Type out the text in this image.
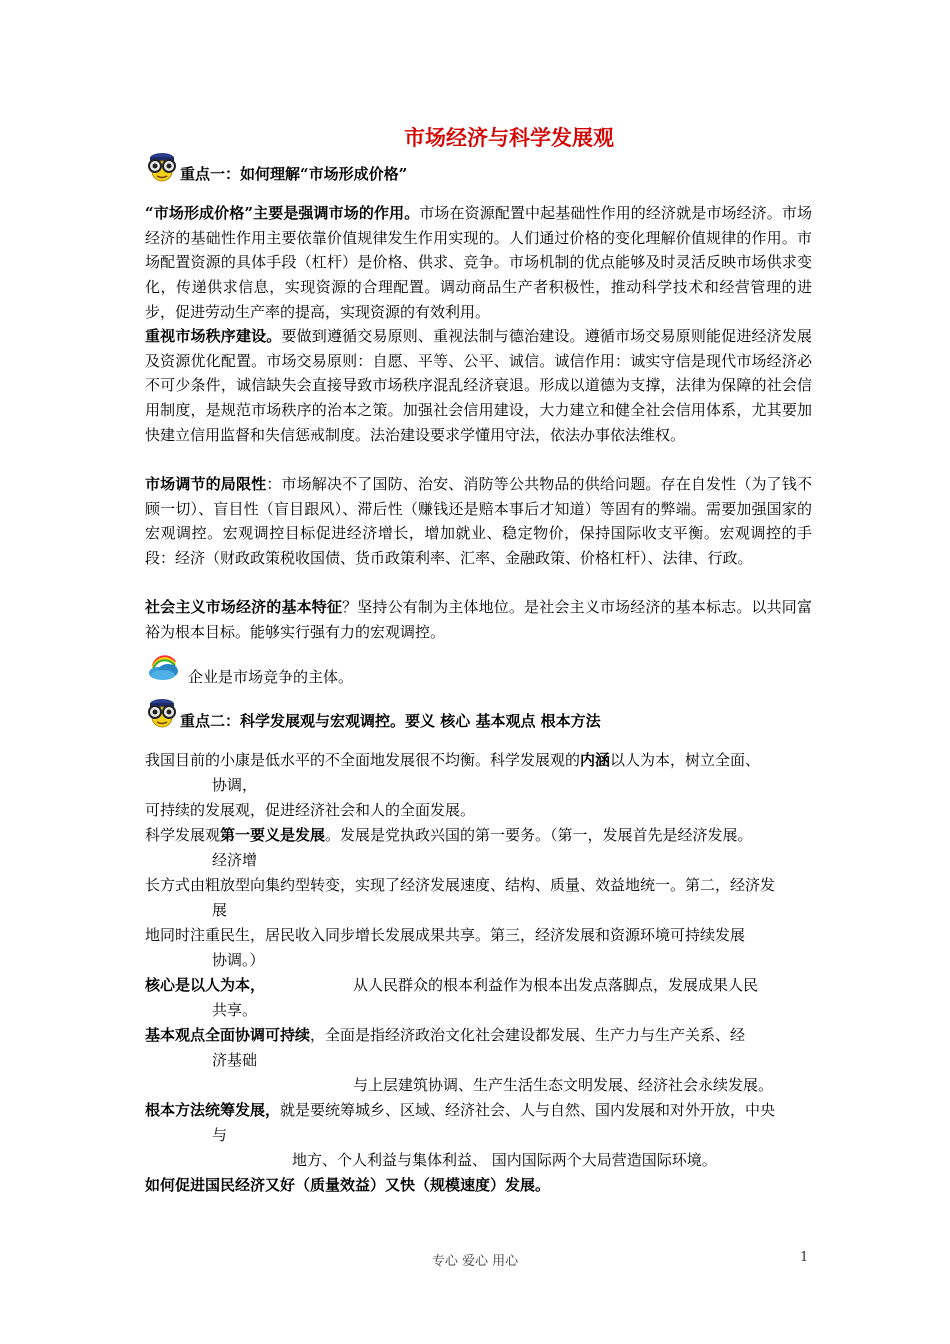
市场经济与科学发展观
重点一：如何理解“市场形成价格”
“市场形成价格”主要是强调市场的作用。市场在资源配置中起基础性作用的经济就是市场经济。市场经济的基础性作用主要依靠价值规律发生作用实现的。人们通过价格的变化理解价值规律的作用。市场配置资源的具体手段（杠杆）是价格、供求、竞争。市场机制的优点能够及时灵活反映市场供求变化，传递供求信息，实现资源的合理配置。调动商品生产者积极性，推动科学技术和经营管理的进步，促进劳动生产率的提高，实现资源的有效利用。
重视市场秩序建设。要做到遵循交易原则、重视法制与德治建设。遵循市场交易原则能促进经济发展及资源优化配置。市场交易原则：自愿、平等、公平、诚信。诚信作用：诚实守信是现代市场经济必不可少条件，诚信缺失会直接导致市场秩序混乱经济衰退。形成以道德为支撑，法律为保障的社会信用制度，是规范市场秩序的治本之策。加强社会信用建设，大力建立和健全社会信用体系，尤其要加快建立信用监督和失信惩戒制度。法治建设要求学懂用守法，依法办事依法维权。
市场调节的局限性：市场解决不了国防、治安、消防等公共物品的供给问题。存在自发性（为了钱不顾一切）、盲目性（盲目跟风）、滞后性（赚钱还是赔本事后才知道）等固有的弊端。需要加强国家的宏观调控。宏观调控目标促进经济增长，增加就业、稳定物价，保持国际收支平衡。宏观调控的手段：经济（财政政策税收国债、货币政策利率、汇率、金融政策、价格杠杆）、法律、行政。
社会主义市场经济的基本特征？坚持公有制为主体地位。是社会主义市场经济的基本标志。以共同富裕为根本目标。能够实行强有力的宏观调控。
企业是市场竞争的主体。
重点二：科学发展观与宏观调控。要义 核心 基本观点 根本方法
我国目前的小康是低水平的不全面地发展很不均衡。科学发展观的内涵以人为本，树立全面、
协调，
可持续的发展观，促进经济社会和人的全面发展。
科学发展观第一要义是发展。发展是党执政兴国的第一要务。（第一，发展首先是经济发展。
经济增
长方式由粗放型向集约型转变，实现了经济发展速度、结构、质量、效益地统一。第二，经济发
展
地同时注重民生，居民收入同步增长发展成果共享。第三，经济发展和资源环境可持续发展
协调。）
核心是以人为本，	从人民群众的根本利益作为根本出发点落脚点，发展成果人民
共享。
基本观点全面协调可持续，全面是指经济政治文化社会建设都发展、生产力与生产关系、经
济基础
与上层建筑协调、生产生活生态文明发展、经济社会永续发展。
根本方法统筹发展，就是要统筹城乡、区域、经济社会、人与自然、国内发展和对外开放，中央
与
地方、个人利益与集体利益、 国内国际两个大局营造国际环境。
如何促进国民经济又好（质量效益）又快（规模速度）发展。
专心 爱心 用心	1
